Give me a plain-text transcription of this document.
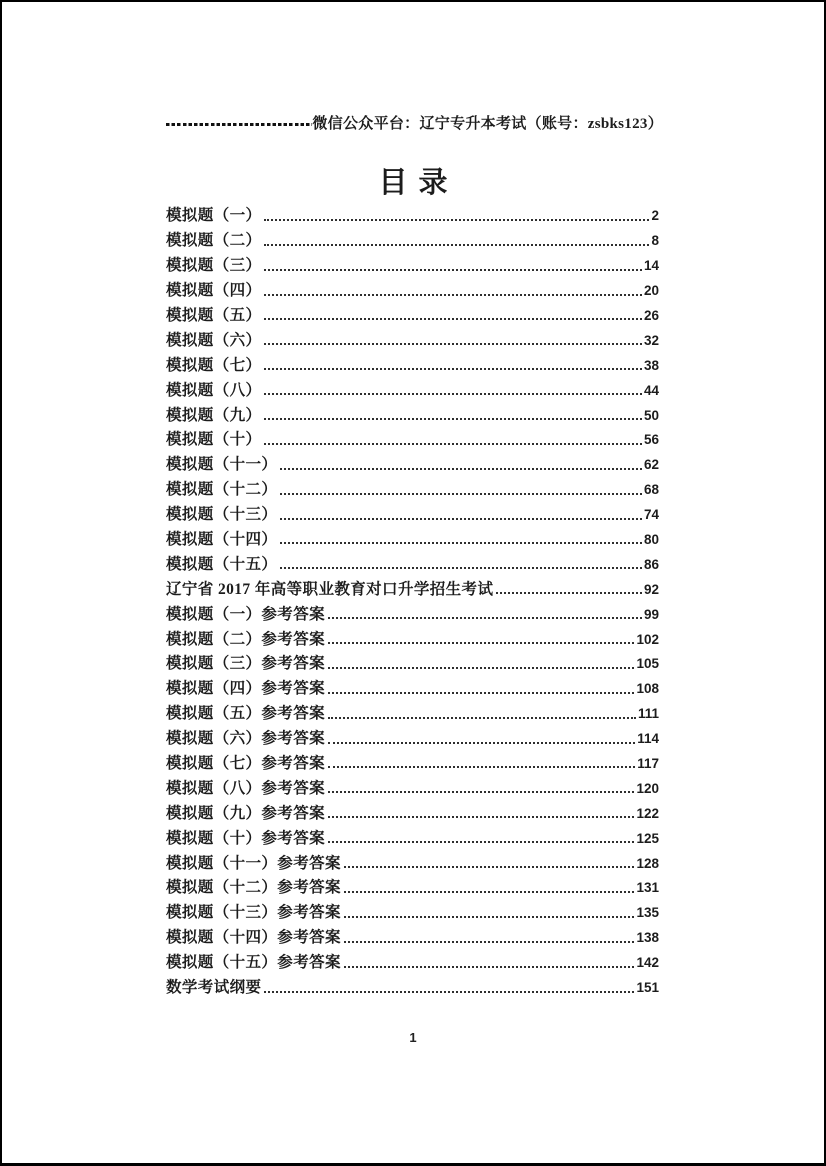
微信公众平台：辽宁专升本考试（账号：zsbks123）
目录
模拟题（一）	2
模拟题（二）	8
模拟题（三）	14
模拟题（四）	20
模拟题（五）	26
模拟题（六）	32
模拟题（七）	38
模拟题（八）	44
模拟题（九）	50
模拟题（十）	56
模拟题（十一）	62
模拟题（十二）	68
模拟题（十三）	74
模拟题（十四）	80
模拟题（十五）	86
辽宁省 2017 年高等职业教育对口升学招生考试	92
模拟题（一）参考答案	99
模拟题（二）参考答案	102
模拟题（三）参考答案	105
模拟题（四）参考答案	108
模拟题（五）参考答案	111
模拟题（六）参考答案	114
模拟题（七）参考答案	117
模拟题（八）参考答案	120
模拟题（九）参考答案	122
模拟题（十）参考答案	125
模拟题（十一）参考答案	128
模拟题（十二）参考答案	131
模拟题（十三）参考答案	135
模拟题（十四）参考答案	138
模拟题（十五）参考答案	142
数学考试纲要	151
1
